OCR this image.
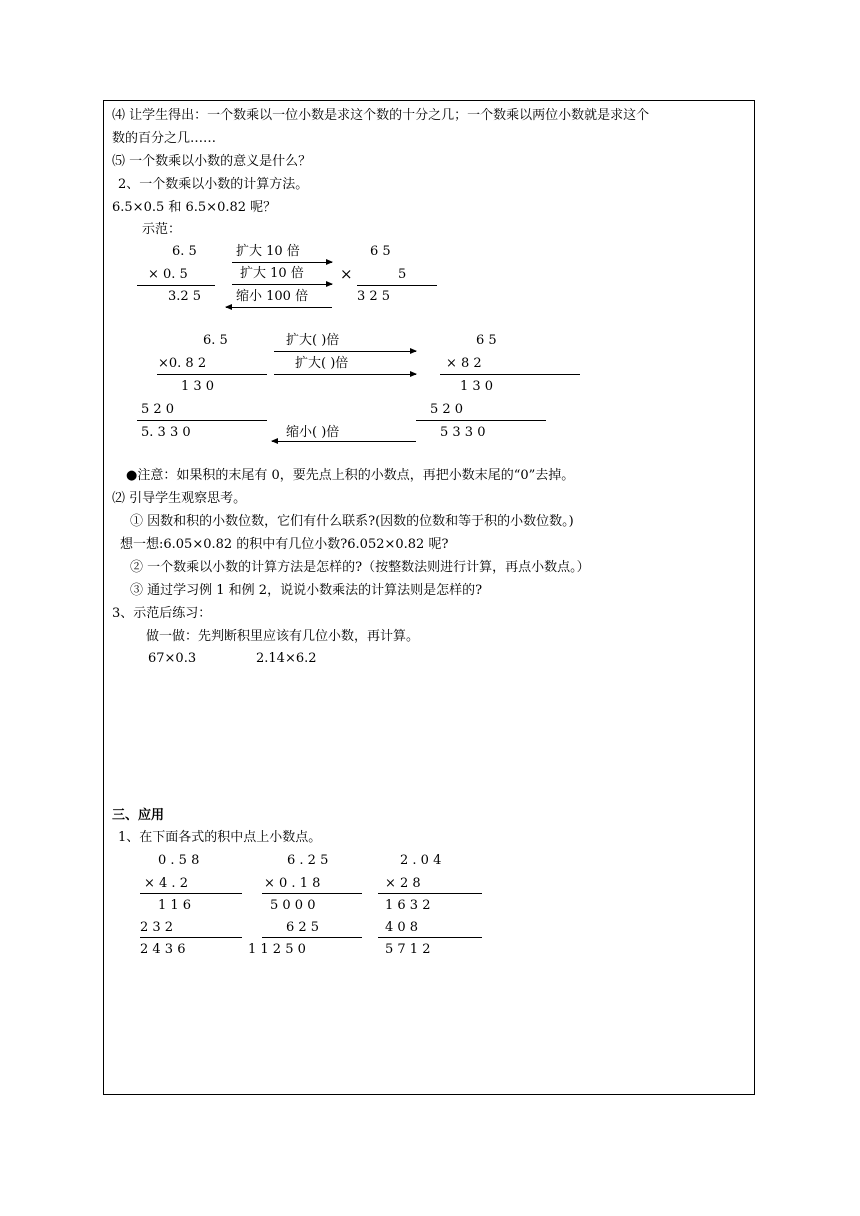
⑷ 让学生得出：一个数乘以一位小数是求这个数的十分之几；一个数乘以两位小数就是求这个
数的百分之几……
⑸ 一个数乘以小数的意义是什么？
2、一个数乘以小数的计算方法。
6.5×0.5 和 6.5×0.82 呢？
示范：
6. 5
× 0. 5
3.2 5
扩大 10 倍
扩大 10 倍
缩小 100 倍
×
6 5
5
3 2 5
6. 5
×0. 8 2
1 3 0
5 2 0
5. 3 3 0
扩大( )倍
扩大( )倍
缩小( )倍
6 5
× 8 2
1 3 0
5 2 0
5 3 3 0
●注意：如果积的末尾有 0，要先点上积的小数点，再把小数末尾的“0”去掉。
⑵ 引导学生观察思考。
① 因数和积的小数位数，它们有什么联系?(因数的位数和等于积的小数位数。)
想一想:6.05×0.82 的积中有几位小数?6.052×0.82 呢?
② 一个数乘以小数的计算方法是怎样的?（按整数法则进行计算，再点小数点。）
③ 通过学习例 1 和例 2，说说小数乘法的计算法则是怎样的?
3、示范后练习：
做一做：先判断积里应该有几位小数，再计算。
67×0.3	2.14×6.2
三、应用
1、在下面各式的积中点上小数点。
0 . 5 8
× 4 . 2
1 1 6
2 3 2
2 4 3 6
6 . 2 5
× 0 . 1 8
5 0 0 0
6 2 5
1 1 2 5 0
2 . 0 4
× 2 8
1 6 3 2
4 0 8
5 7 1 2
